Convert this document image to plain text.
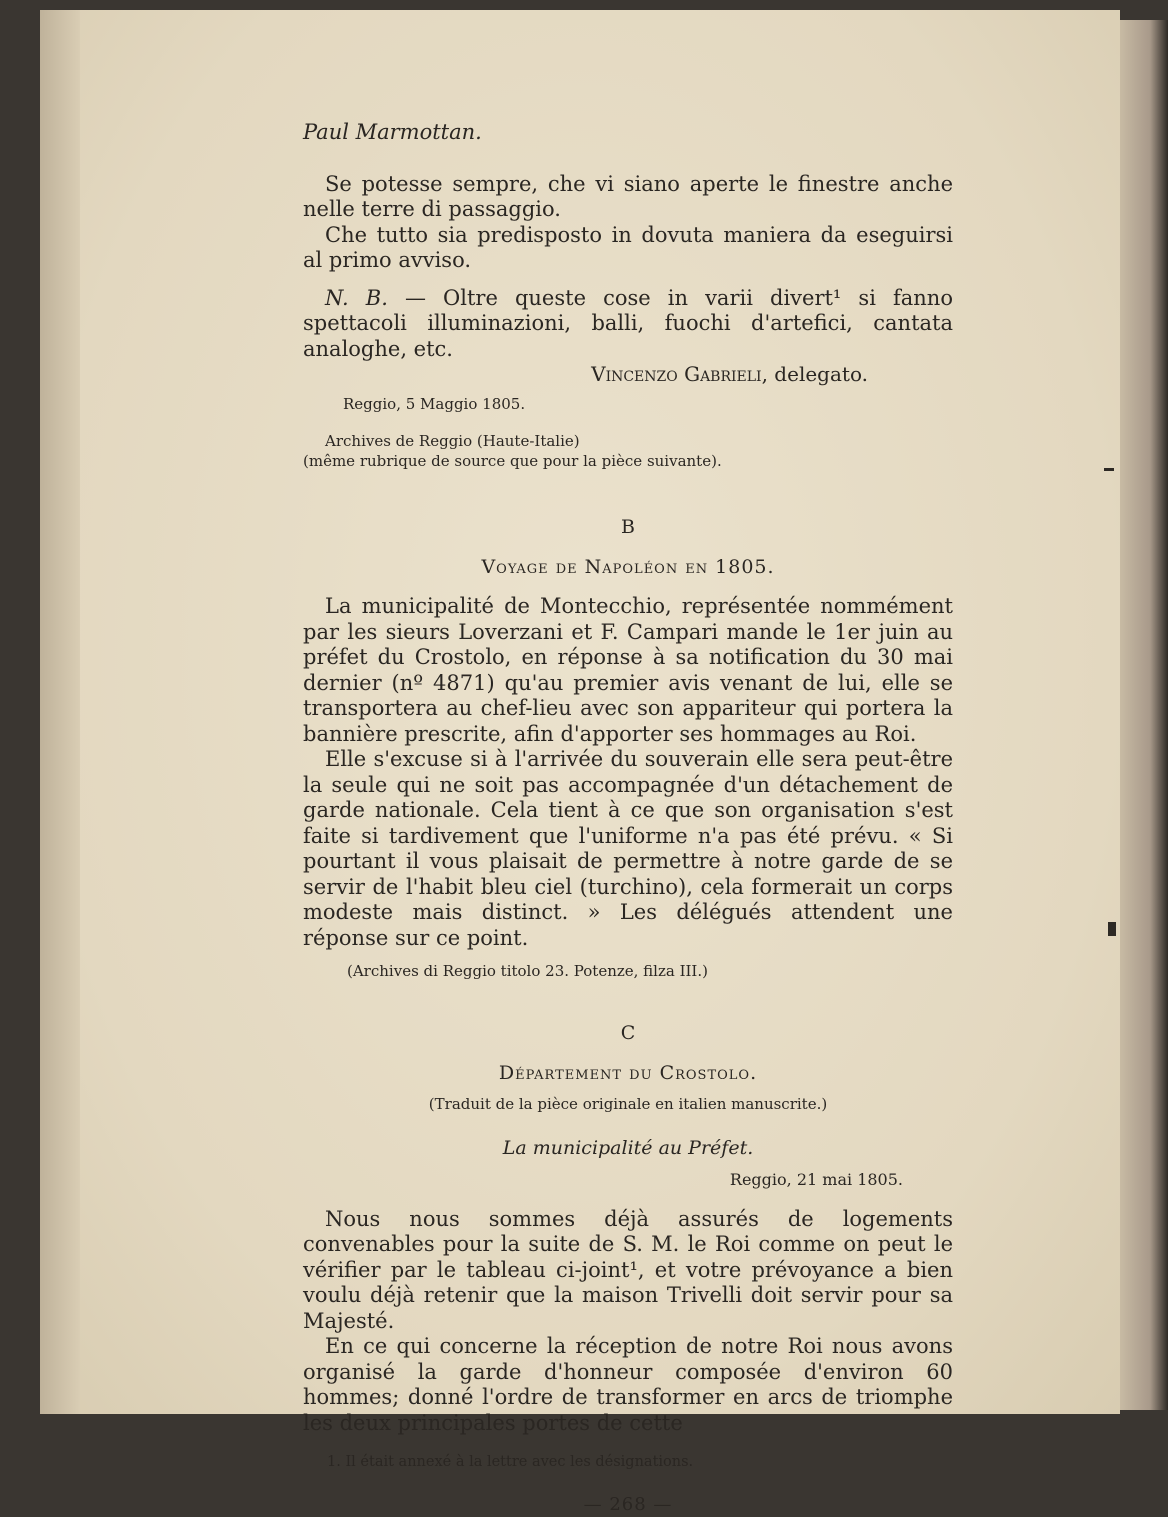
Paul Marmottan.

Se potesse sempre, che vi siano aperte le finestre anche nelle terre di passaggio.

Che tutto sia predisposto in dovuta maniera da eseguirsi al primo avviso.

N. B. — Oltre queste cose in varii divert¹ si fanno spettacoli illuminazioni, balli, fuochi d'artefici, cantata analoghe, etc.

Vincenzo Gabrieli, delegato.
Reggio, 5 Maggio 1805.
Archives de Reggio (Haute-Italie)
(même rubrique de source que pour la pièce suivante).
B
Voyage de Napoléon en 1805.

La municipalité de Montecchio, représentée nommément par les sieurs Loverzani et F. Campari mande le 1er juin au préfet du Crostolo, en réponse à sa notification du 30 mai dernier (nº 4871) qu'au premier avis venant de lui, elle se transportera au chef-lieu avec son appariteur qui portera la bannière prescrite, afin d'apporter ses hommages au Roi.

Elle s'excuse si à l'arrivée du souverain elle sera peut-être la seule qui ne soit pas accompagnée d'un détachement de garde nationale. Cela tient à ce que son organisation s'est faite si tardivement que l'uniforme n'a pas été prévu. « Si pourtant il vous plaisait de permettre à notre garde de se servir de l'habit bleu ciel (turchino), cela formerait un corps modeste mais distinct. » Les délégués attendent une réponse sur ce point.

(Archives di Reggio titolo 23. Potenze, filza III.)
C
Département du Crostolo.
(Traduit de la pièce originale en italien manuscrite.)
La municipalité au Préfet.
Reggio, 21 mai 1805.

Nous nous sommes déjà assurés de logements convenables pour la suite de S. M. le Roi comme on peut le vérifier par le tableau ci-joint¹, et votre prévoyance a bien voulu déjà retenir que la maison Trivelli doit servir pour sa Majesté.

En ce qui concerne la réception de notre Roi nous avons organisé la garde d'honneur composée d'environ 60 hommes; donné l'ordre de transformer en arcs de triomphe les deux principales portes de cette

1. Il était annexé à la lettre avec les désignations.
— 268 —
